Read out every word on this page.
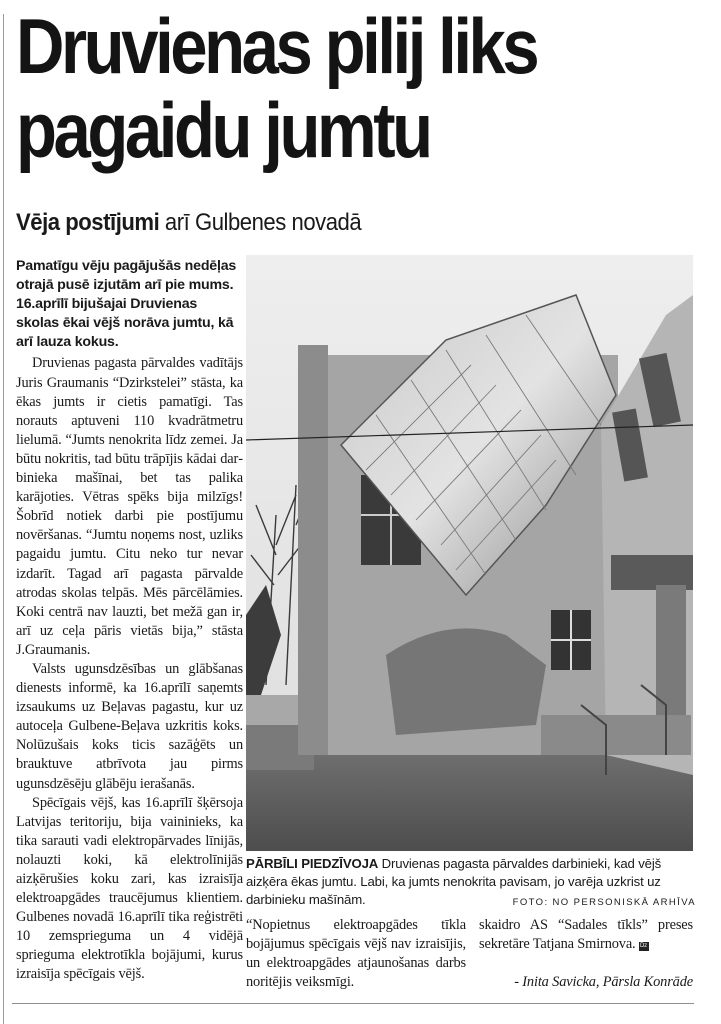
Druvienas pilij liks
pagaidu jumtu
Vēja postījumi arī Gulbenes novadā

Pamatīgu vēju pagājušās nedēļas otrajā pusē izjutām arī pie mums. 16.aprīlī bijušajai Druvienas skolas ēkai vējš norāva jumtu, kā arī lauza kokus.

Druvienas pagasta pārvaldes vadītājs Juris Graumanis “Dzirkstelei” stāsta, ka ēkas jumts ir cietis pamatīgi. Tas norauts aptuveni 110 kvadrātmetru lielumā. “Jumts nenokrita līdz zemei. Ja būtu nokritis, tad būtu trāpījis kādai darbinieka mašīnai, bet tas palika karājoties. Vētras spēks bija milzīgs! Šobrīd notiek darbi pie postījumu novēršanas. “Jumtu noņems nost, uzliks pagaidu jumtu. Citu neko tur nevar izdarīt. Tagad arī pagasta pārvalde atrodas skolas telpās. Mēs pārcēlāmies. Koki centrā nav lauzti, bet mežā gan ir, arī uz ceļa pāris vietās bija,” stāsta J.Graumanis.

Valsts ugunsdzēsības un glābšanas dienests informē, ka 16.aprīlī saņemts izsaukums uz Beļavas pagastu, kur uz autoceļa Gulbene-Beļava uzkritis koks. Nolūzušais koks ticis sazāģēts un brauktuve atbrīvota jau pirms ugunsdzēsēju glābēju ierašanās.

Spēcīgais vējš, kas 16.aprīlī šķērsoja Latvijas teritoriju, bija vaininieks, ka tika sarauti vadi elektropārvades līnijās, nolauzti koki, kā elektrolīnijās aizķērušies koku zari, kas izraisīja elektroapgādes traucējumus klientiem. Gulbenes novadā 16.aprīlī tika reģistrēti 10 zemsprieguma un 4 vidējā sprieguma elektrotīkla bojājumi, kurus izraisīja spēcīgais vējš.

PĀRBĪLI PIEDZĪVOJA Druvienas pagasta pārvaldes darbinieki, kad vējš aizķēra ēkas jumtu. Labi, ka jumts nenokrita pavisam, jo varēja uzkrist uz darbinieku mašīnām.	FOTO: NO PERSONISKĀ ARHĪVA
“Nopietnus elektroapgādes tīkla bojājumus spēcīgais vējš nav izraisījis, un elektroapgādes atjaunošanas darbs noritējis veiksmīgi.

skaidro AS “Sadales tīkls” preses sekretāre Tatjana Smirnova. Dz

- Inita Savicka, Pārsla Konrāde
